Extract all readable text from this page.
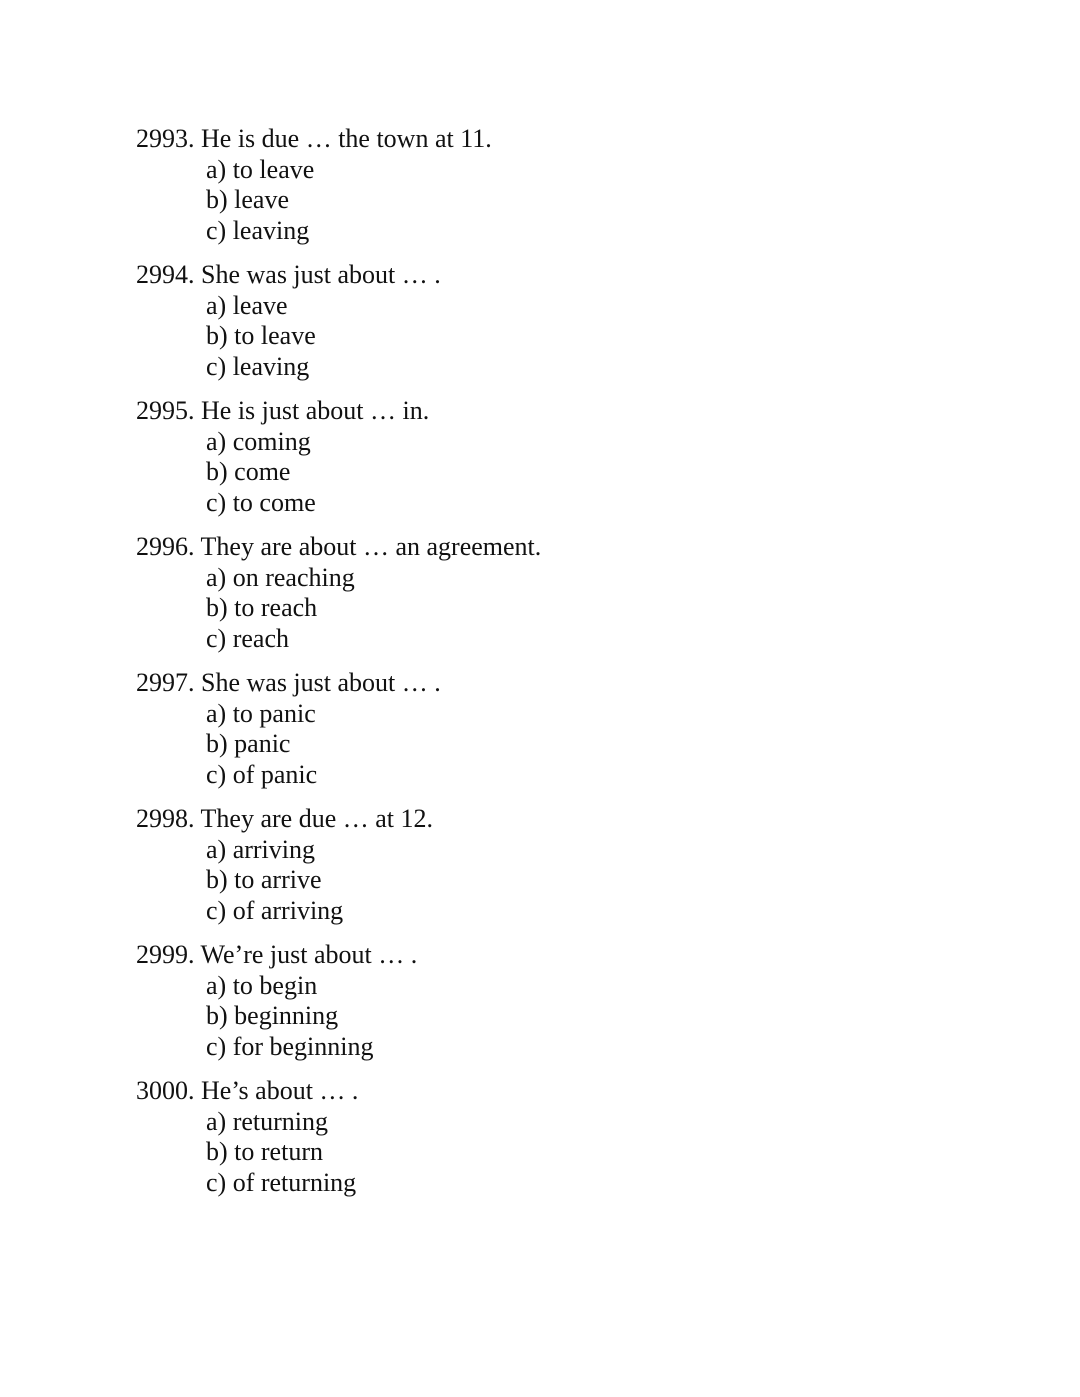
2993. He is due … the town at 11.
a) to leave
b) leave
c) leaving
2994. She was just about … .
a) leave
b) to leave
c) leaving
2995. He is just about … in.
a) coming
b) come
c) to come
2996. They are about … an agreement.
a) on reaching
b) to reach
c) reach
2997. She was just about … .
a) to panic
b) panic
c) of panic
2998. They are due … at 12.
a) arriving
b) to arrive
c) of arriving
2999. We’re just about … .
a) to begin
b) beginning
c) for beginning
3000. He’s about … .
a) returning
b) to return
c) of returning
